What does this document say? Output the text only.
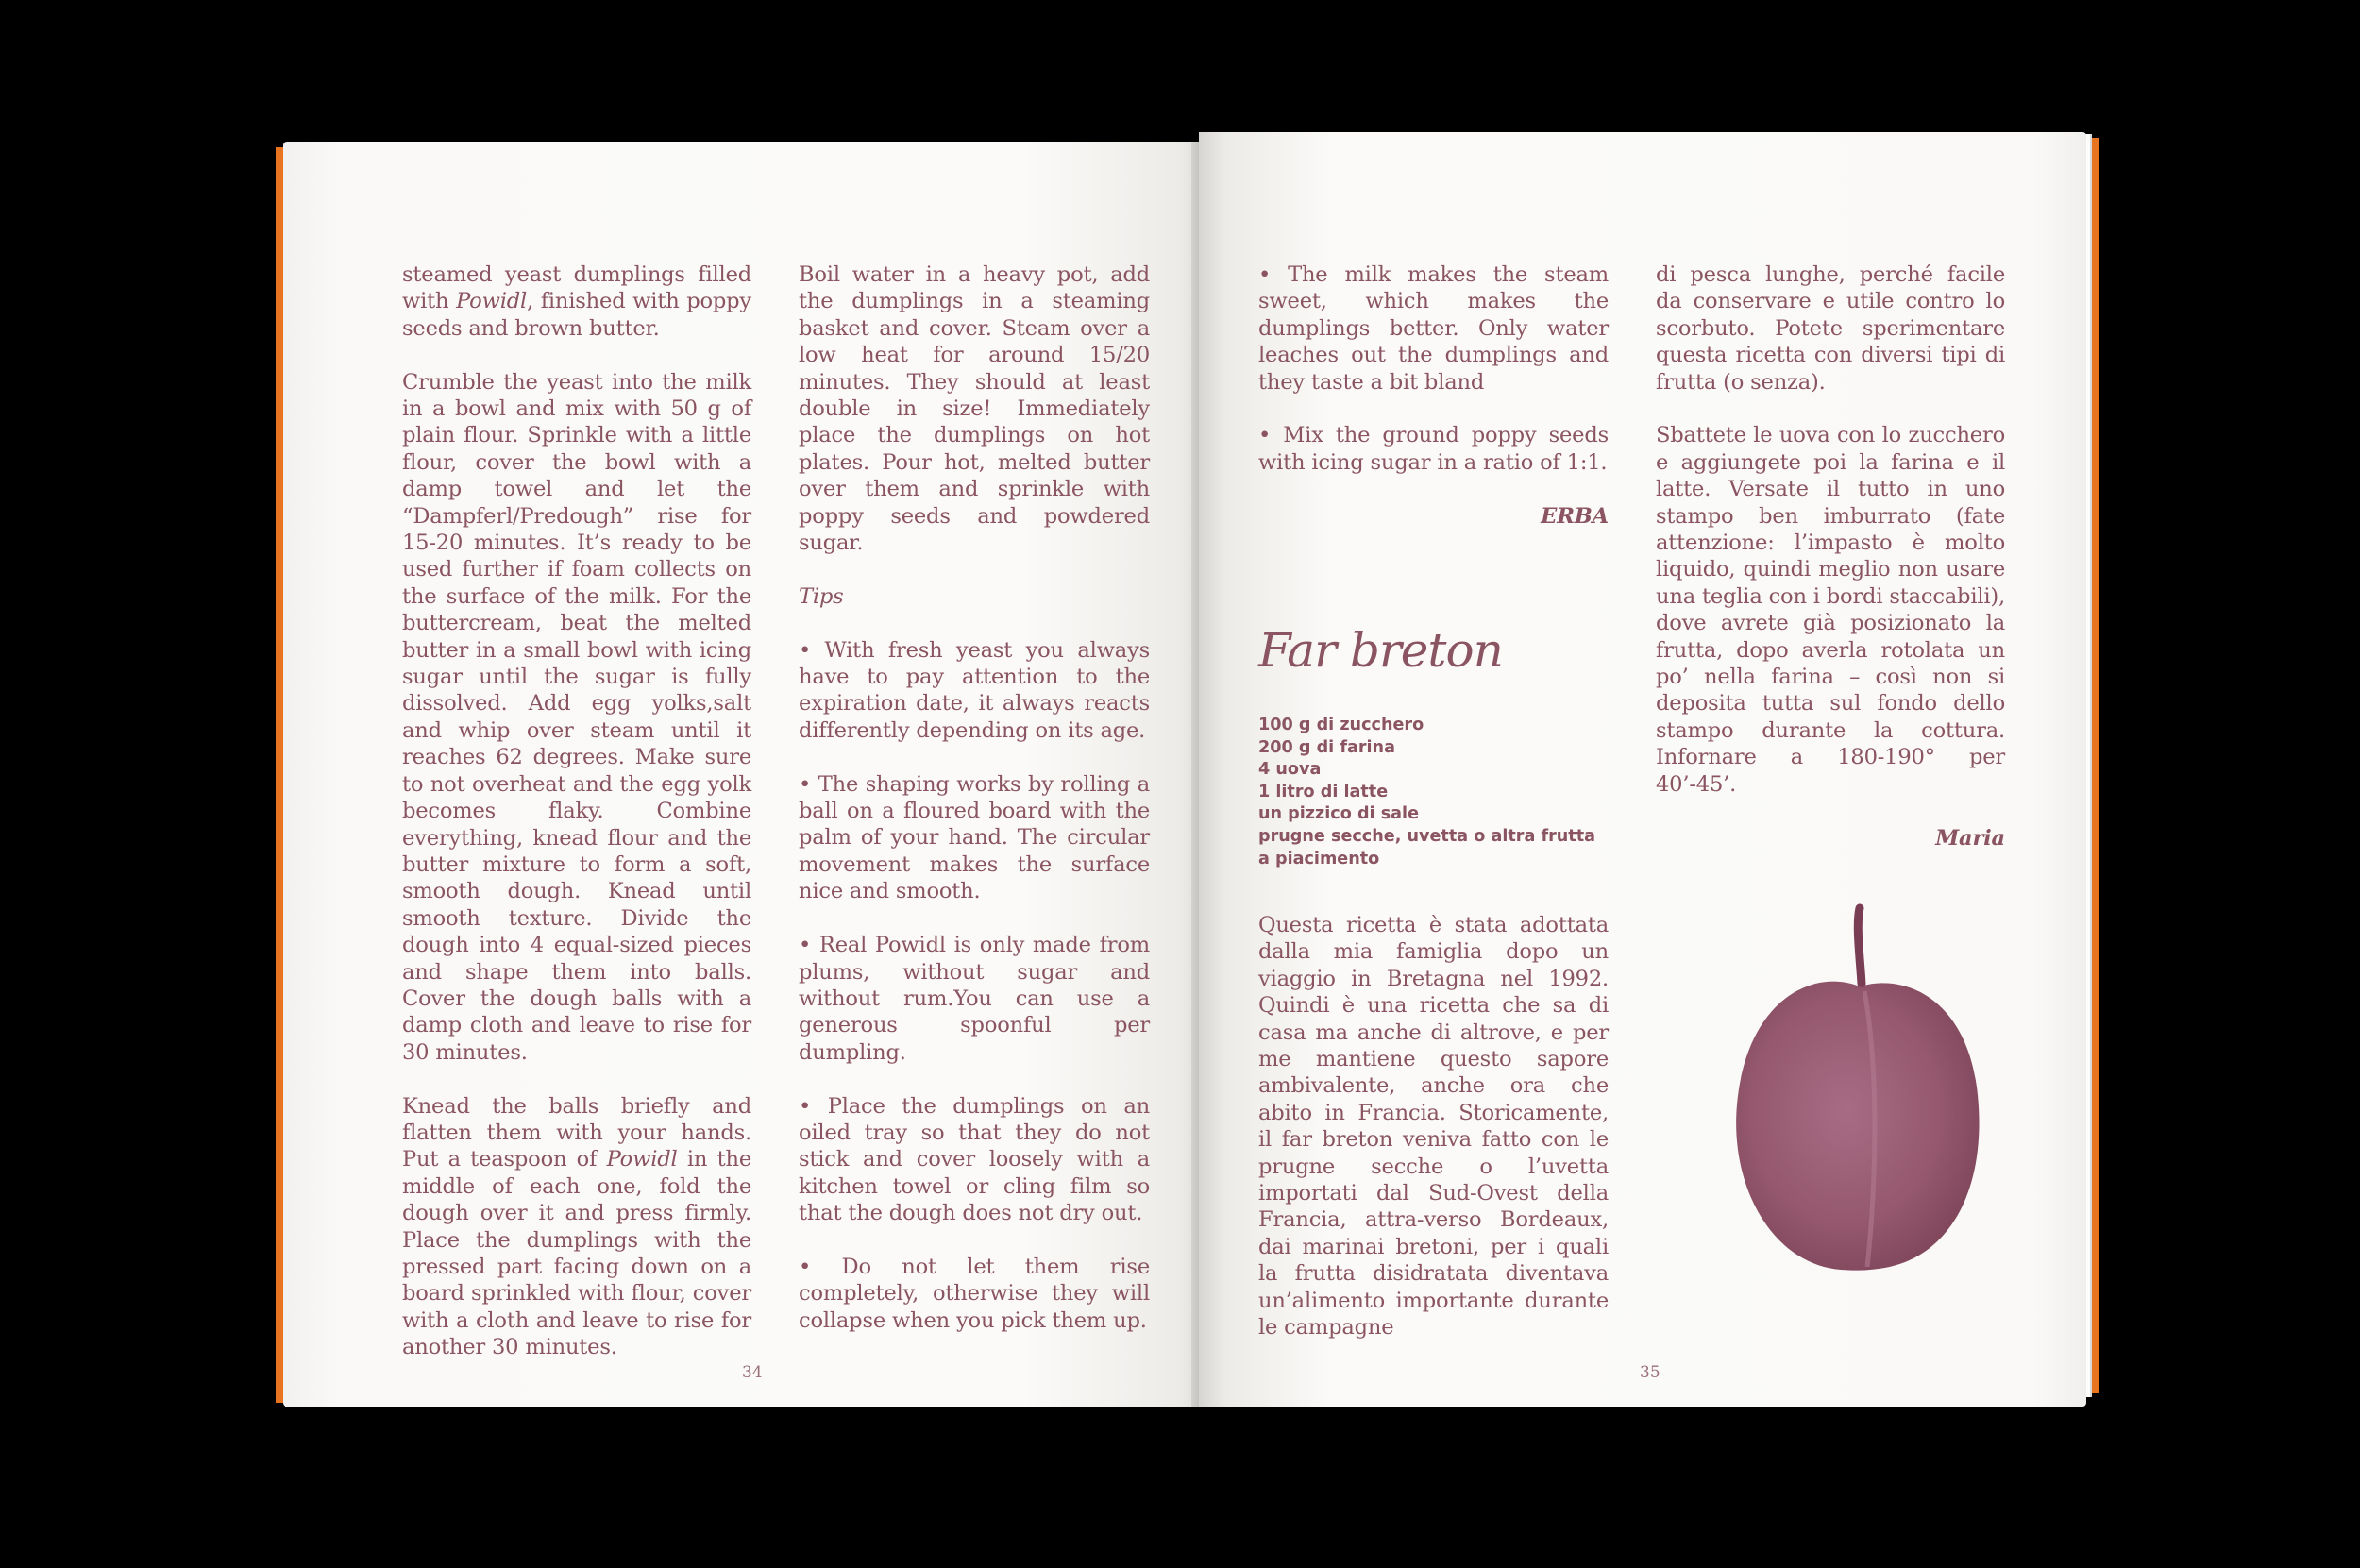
steamed yeast dumplings filled with Powidl, finished with poppy seeds and brown butter.

Crumble the yeast into the milk in a bowl and mix with 50 g of plain flour. Sprinkle with a little flour, cover the bowl with a damp towel and let the “Dampferl/Predough” rise for 15-20 minutes. It’s ready to be used further if foam collects on the surface of the milk. For the buttercream, beat the melted butter in a small bowl with icing sugar until the sugar is fully dissolved. Add egg yolks,salt and whip over steam until it reaches 62 degrees. Make sure to not overheat and the egg yolk becomes flaky. Combine everything, knead flour and the butter mixture to form a soft, smooth dough. Knead until smooth texture. Divide the dough into 4 equal-sized pieces and shape them into balls. Cover the dough balls with a damp cloth and leave to rise for 30 minutes.

Knead the balls briefly and flatten them with your hands. Put a teaspoon of Powidl in the middle of each one, fold the dough over it and press firmly. Place the dumplings with the pressed part facing down on a board sprinkled with flour, cover with a cloth and leave to rise for another 30 minutes.

Boil water in a heavy pot, add the dumplings in a steaming basket and cover. Steam over a low heat for around 15/20 minutes. They should at least double in size! Immediately place the dumplings on hot plates. Pour hot, melted butter over them and sprinkle with poppy seeds and powdered sugar.

Tips

• With fresh yeast you always have to pay attention to the expiration date, it always reacts differently depending on its age.

• The shaping works by rolling a ball on a floured board with the palm of your hand. The circular movement makes the surface nice and smooth.

• Real Powidl is only made from plums, without sugar and without rum.You can use a generous spoonful per dumpling.

• Place the dumplings on an oiled tray so that they do not stick and cover loosely with a kitchen towel or cling film so that the dough does not dry out.

• Do not let them rise completely, otherwise they will collapse when you pick them up.

34

• The milk makes the steam sweet, which makes the dumplings better. Only water leaches out the dumplings and they taste a bit bland

• Mix the ground poppy seeds with icing sugar in a ratio of 1:1.

ERBA

Questa ricetta è stata adottata dalla mia famiglia dopo un viaggio in Bretagna nel 1992. Quindi è una ricetta che sa di casa ma anche di altrove, e per me mantiene questo sapore ambivalente, anche ora che abito in Francia. Storicamente, il far breton veniva fatto con le prugne secche o l’uvetta importati dal Sud-Ovest della Francia, attra-verso Bordeaux, dai marinai bretoni, per i quali la frutta disidratata diventava un’alimento importante durante le campagne

di pesca lunghe, perché facile da conservare e utile contro lo scorbuto. Potete sperimentare questa ricetta con diversi tipi di frutta (o senza).

Sbattete le uova con lo zucchero e aggiungete poi la farina e il latte. Versate il tutto in uno stampo ben imburrato (fate attenzione: l’impasto è molto liquido, quindi meglio non usare una teglia con i bordi staccabili), dove avrete già posizionato la frutta, dopo averla rotolata un po’ nella farina – così non si deposita tutta sul fondo dello stampo durante la cottura. Infornare a 180-190° per 40’-45’.

Maria

35
Far breton
100 g di zucchero
200 g di farina
4 uova
1 litro di latte
un pizzico di sale
prugne secche, uvetta o altra frutta
a piacimento
